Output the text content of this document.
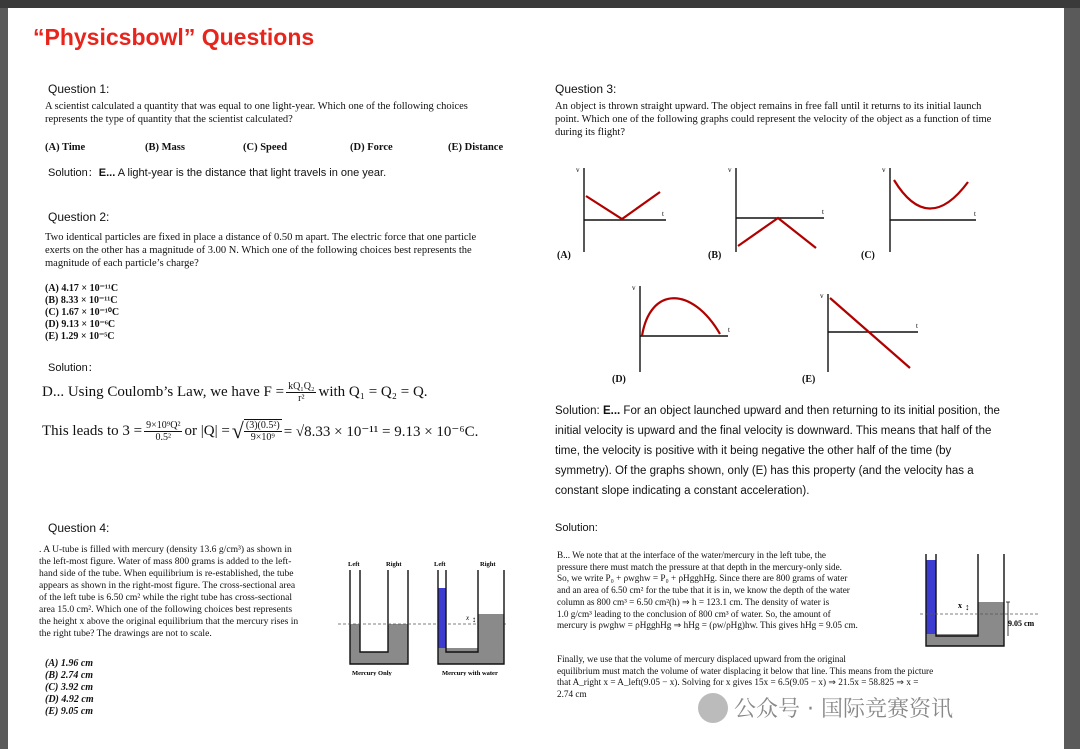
“Physicsbowl” Questions
Question 1:
A scientist calculated a quantity that was equal to one light-year. Which one of the following choices
represents the type of quantity that the scientist calculated?
(A) Time	(B) Mass	(C) Speed	(D) Force	(E) Distance
Solution：E... A light-year is the distance that light travels in one year.
Question 2:
Two identical particles are fixed in place a distance of 0.50 m apart. The electric force that one particle
exerts on the other has a magnitude of 3.00 N. Which one of the following choices best represents the
magnitude of each particle’s charge?
(A) 4.17 × 10⁻¹¹C
(B) 8.33 × 10⁻¹¹C
(C) 1.67 × 10⁻¹⁰C
(D) 9.13 × 10⁻⁶C
(E) 1.29 × 10⁻⁵C
Solution：
D... Using Coulomb’s Law, we have $F = \frac{\text{kQ₁Q₂}}{\text{r²}}$ with Q₁ = Q₂ = Q.
This leads to $3 = \frac{\text{9×10⁹Q²}}{\text{0.5²}}$ or |Q| = √ $\frac{\text{(3)(0.5²)}}{\text{9×10⁹}} = √8.33 \times 10^{-11} = 9.13 \times 10^{-6}C$.
Question 3:
An object is thrown straight upward. The object remains in free fall until it returns to its initial launch
point. Which one of the following graphs could represent the velocity of the object as a function of time
during its flight?
v
t
(A)
v
t
(B)
v
t
(C)
v
t
(D)
v
t
(E)
Solution: E... For an object launched upward and then returning to its initial position, the
initial velocity is upward and the final velocity is downward. This means that half of the
time, the velocity is positive with it being negative the other half of the time (by
symmetry). Of the graphs shown, only (E) has this property (and the velocity has a
constant slope indicating a constant acceleration).
Question 4:
. A U-tube is filled with mercury (density 13.6 g/cm³) as shown in
the left-most figure. Water of mass 800 grams is added to the left-
hand side of the tube. When equilibrium is re-established, the tube
appears as shown in the right-most figure. The cross-sectional area
of the left tube is 6.50 cm² while the right tube has cross-sectional
area 15.0 cm². Which one of the following choices best represents
the height x above the original equilibrium that the mercury rises in
the right tube? The drawings are not to scale.
(A) 1.96 cm
(B) 2.74 cm
(C) 3.92 cm
(D) 4.92 cm
(E) 9.05 cm
Left	Right
Mercury Only
Left	Right
x ↕
Mercury with water
Solution:
B... We note that at the interface of the water/mercury in the left tube, the
pressure there must match the pressure at that depth in the mercury-only side.
So, we write P₀ + ρwghw = P₀ + ρHgghHg. Since there are 800 grams of water
and an area of 6.50 cm² for the tube that it is in, we know the depth of the water
column as 800 cm³ = 6.50 cm²(h) ⇒ h = 123.1 cm. The density of water is
1.0 g/cm³ leading to the conclusion of 800 cm³ of water. So, the amount of
mercury is ρwghw = ρHgghHg ⇒ hHg = (ρw/ρHg)hw. This gives hHg = 9.05 cm.
Finally, we use that the volume of mercury displaced upward from the original
equilibrium must match the volume of water displacing it below that line. This means from the picture
that A_right x = A_left(9.05 − x). Solving for x gives 15x = 6.5(9.05 − x) ⇒ 21.5x = 58.825 ⇒ x =
2.74 cm
x ↕
9.05 cm
公众号 · 国际竞赛资讯
